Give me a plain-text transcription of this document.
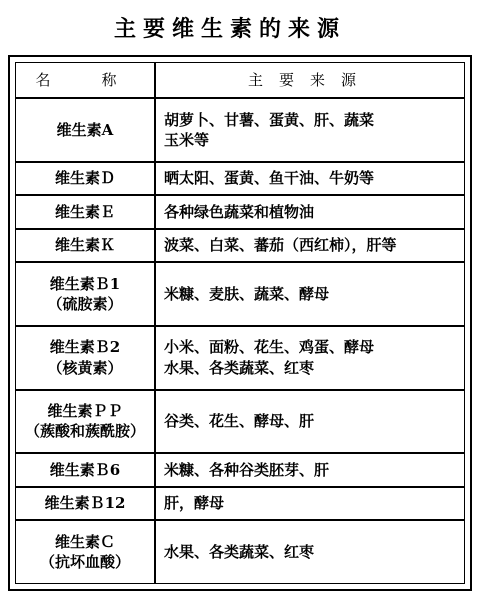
主要维生素的来源
名　称	主要来源

维生素A	胡萝卜、甘薯、蛋黄、肝、蔬菜
玉米等

维生素Ｄ	晒太阳、蛋黄、鱼干油、牛奶等

维生素Ｅ	各种绿色蔬菜和植物油

维生素Ｋ	波菜、白菜、蕃茄（西红柿），肝等

维生素Ｂ1
（硫胺素）	米糠、麦肤、蔬菜、酵母

维生素Ｂ2
（核黄素）	小米、面粉、花生、鸡蛋、酵母
水果、各类蔬菜、红枣

维生素ＰＰ
（蔟酸和蔟酰胺）	谷类、花生、酵母、肝

维生素Ｂ6	米糠、各种谷类胚芽、肝

维生素Ｂ12	肝，酵母

维生素Ｃ
（抗坏血酸）	水果、各类蔬菜、红枣
